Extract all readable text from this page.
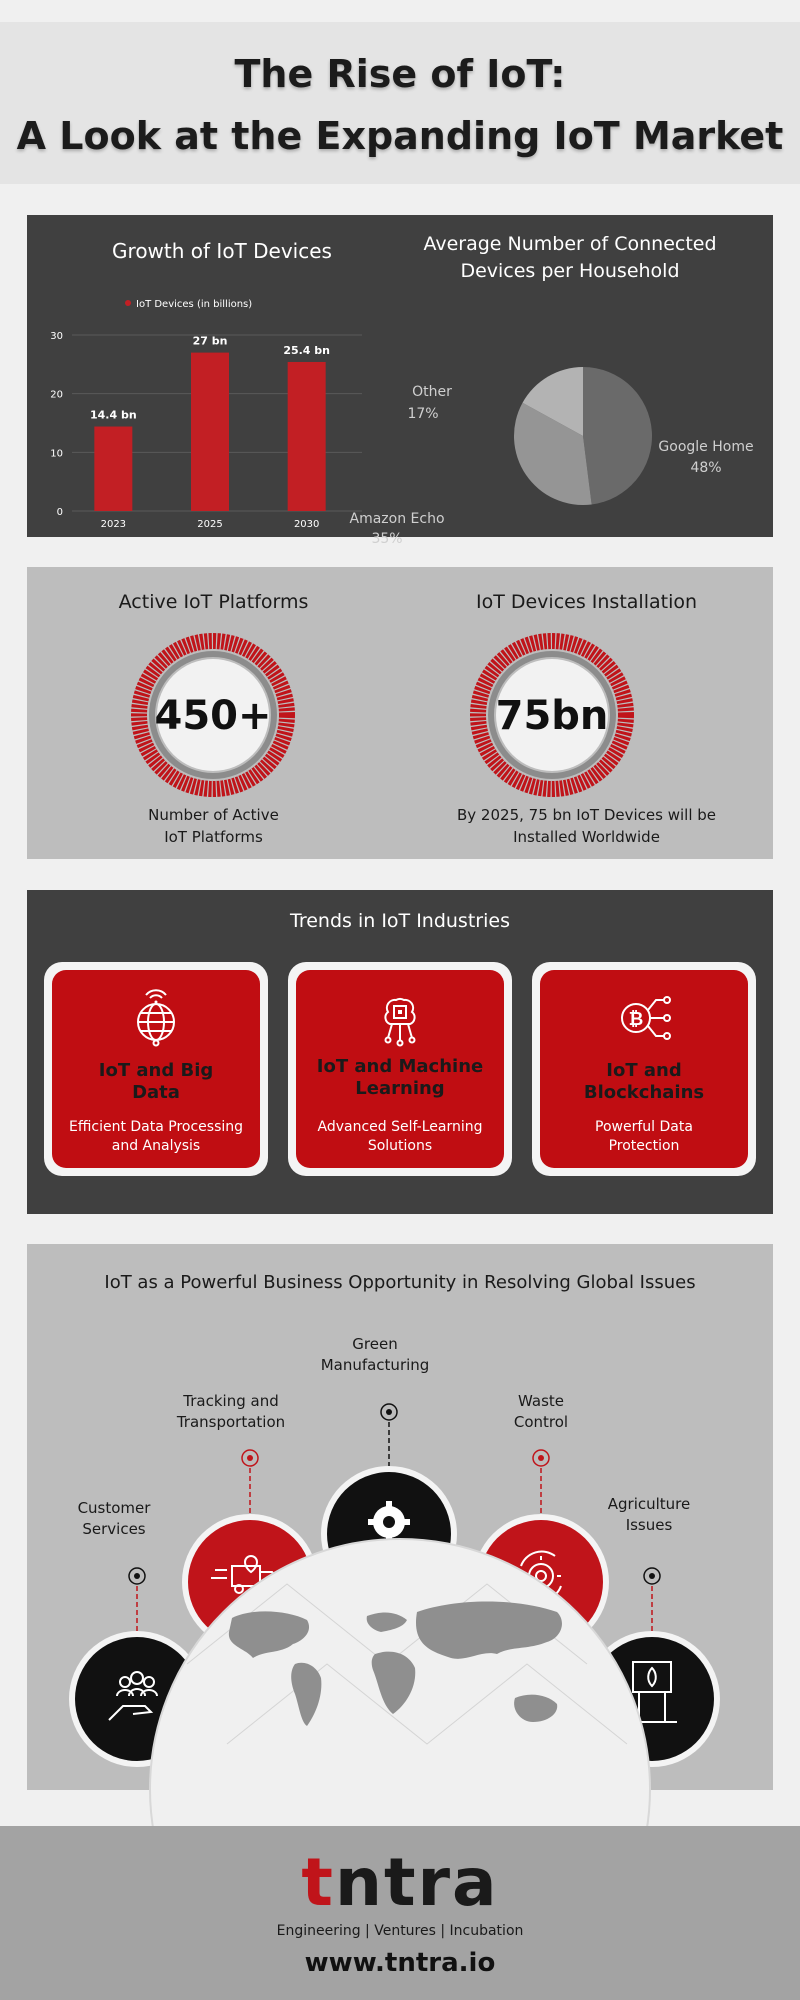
The Rise of IoT:
A Look at the Expanding IoT Market
Growth of IoT Devices
IoT Devices (in billions)
0
10
20
30
14.4 bn
2023
27 bn
2025
25.4 bn
2030
Average Number of Connected
Devices per Household
Other
17%
Google Home
48%
Amazon Echo
35%
Active IoT Platforms	IoT Devices Installation
450+	75bn
Number of Active
IoT Platforms
By 2025, 75 bn IoT Devices will be
Installed Worldwide
Trends in IoT Industries
IoT and Big
Data
Efficient Data Processing
and Analysis
IoT and Machine
Learning
Advanced Self-Learning
Solutions
₿
IoT and
Blockchains
Powerful Data
Protection
IoT as a Powerful Business Opportunity in Resolving Global Issues
Green
Manufacturing
Tracking and
Transportation
Waste
Control
Customer
Services
Agriculture
Issues
tntra
Engineering | Ventures | Incubation
www.tntra.io
